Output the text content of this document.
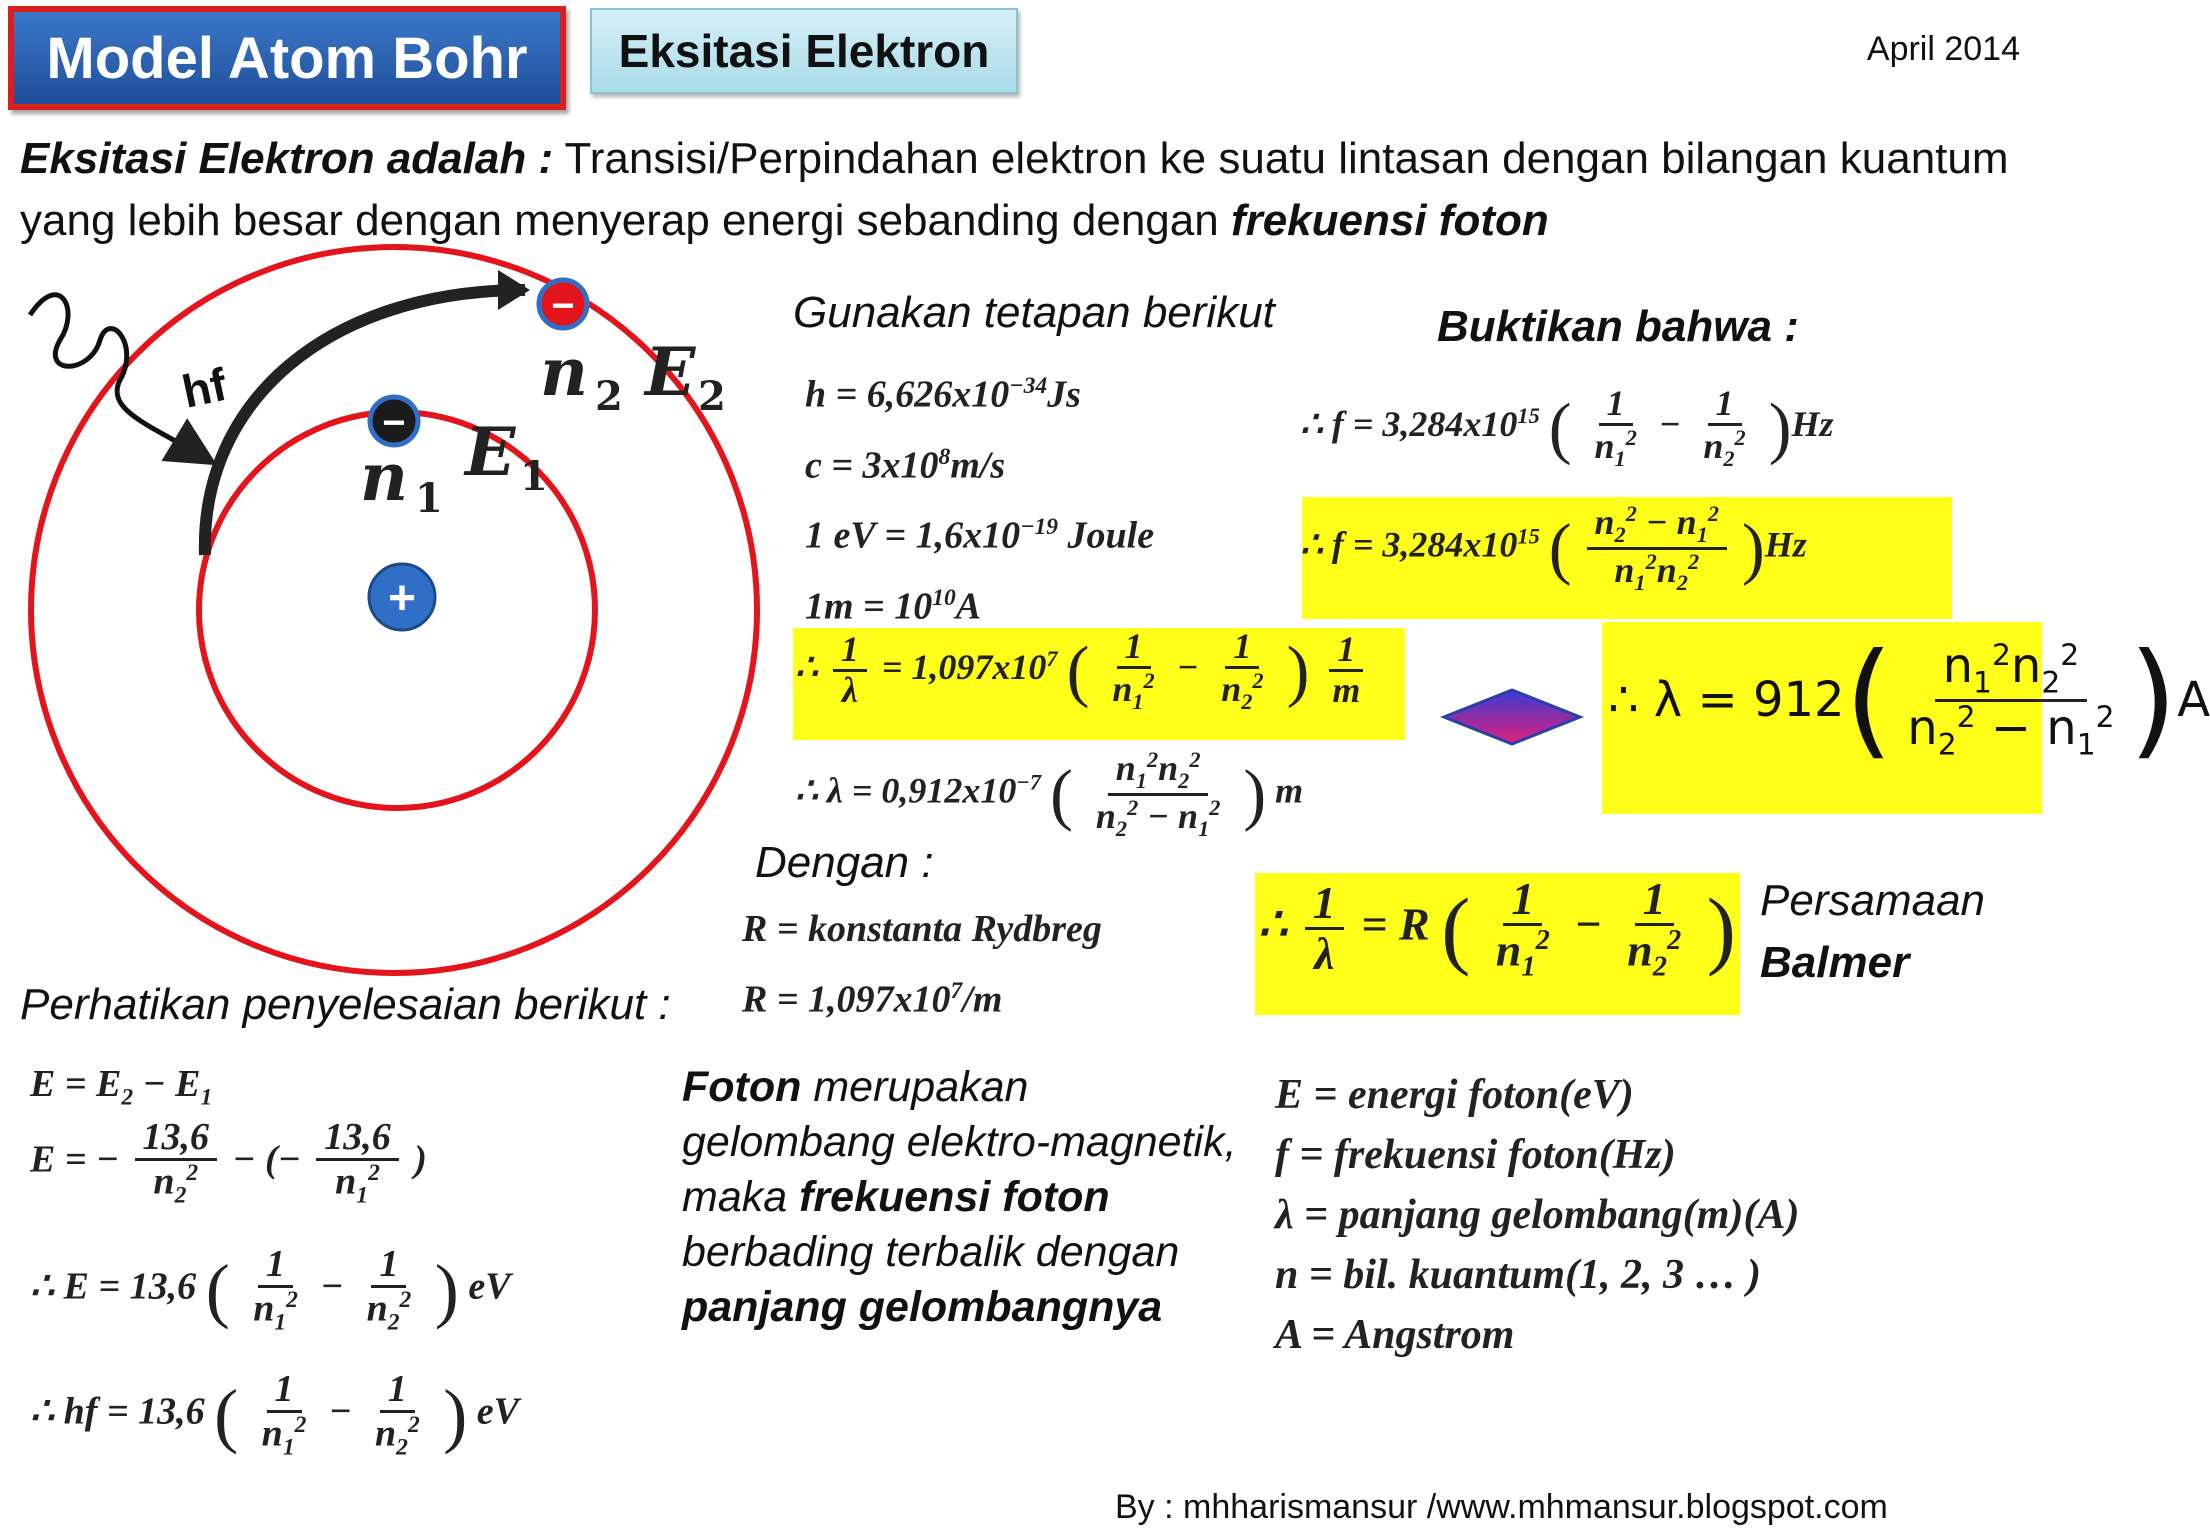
Model Atom Bohr	Eksitasi Elektron	April 2014
Eksitasi Elektron adalah : Transisi/Perpindahan elektron ke suatu lintasan dengan bilangan kuantum yang lebih besar dengan menyerap energi sebanding dengan frekuensi foton
+
−
−
hf
n 1
E 1
n 2 E 2
Gunakan tetapan berikut
$h = 6,626x10^{-34}Js$
$c = 3x10^8m/s$
1 eV = $1,6x10^{-19}$ Joule
$1m = 10^{10}A$
Buktikan bahwa :
∴ $f = 3,284x10^{15}$ ( $\frac{1}{n_1^2} - \frac{1}{n_2^2} )Hz$
∴ $f = 3,284x10^{15}$ ( $\frac{n_2^2 - n_1^2}{n_1^2n_2^2} )Hz$
∴ $\frac{1}{\lambda} = 1,097x10^7$ ( $\frac{1}{n_1^2} - \frac{1}{n_2^2}$ ) $\frac{1}{m}$	∴ λ = 912 ( $\frac{n_1^2n_2^2}{n_2^2 - n_1^2}$ ) A
∴ $\lambda = 0,912x10^{-7}$ ( $\frac{n_1^2n_2^2}{n_2^2 - n_1^2}$ ) m
Dengan :
R = konstanta Rydbreg
$R = 1,097x10^7/m$
∴ $\frac{1}{\lambda} = R$ ( $\frac{1}{n_1^2} - \frac{1}{n_2^2}$ ) Persamaan
Balmer
Perhatikan penyelesaian berikut :
$E = E_2 - E_1$
E = − $\frac{13,6}{n_2^2}$ − (− $\frac{13,6}{n_1^2}$ )
∴ E = 13,6 ( $\frac{1}{n_1^2} - \frac{1}{n_2^2}$ ) eV
∴ hf = 13,6 ( $\frac{1}{n_1^2} - \frac{1}{n_2^2}$ ) eV
Foton merupakan gelombang elektro-magnetik, maka frekuensi foton berbading terbalik dengan panjang gelombangnya
E = energi foton(eV)
f = frekuensi foton(Hz)
λ = panjang gelombang(m)(A)
n = bil. kuantum(1, 2, 3 … )
A = Angstrom
By : mhharismansur /www.mhmansur.blogspot.com
